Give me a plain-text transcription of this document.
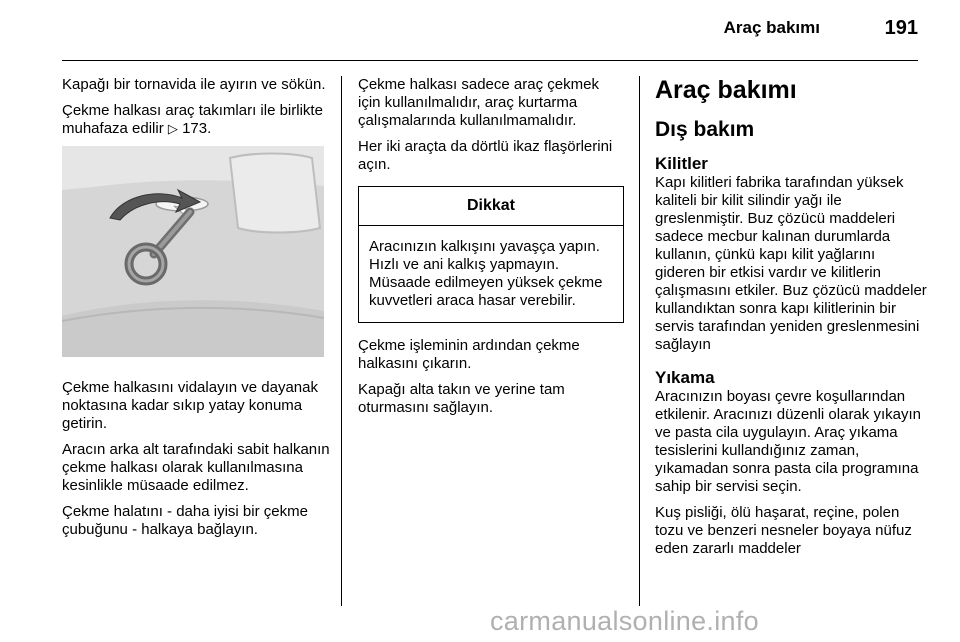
Araç bakımı	191

Kapağı bir tornavida ile ayırın ve sökün.

Çekme halkası araç takımları ile birlikte muhafaza edilir ▷ 173.

Çekme halkasını vidalayın ve dayanak noktasına kadar sıkıp yatay konuma getirin.

Aracın arka alt tarafındaki sabit halkanın çekme halkası olarak kullanılmasına kesinlikle müsaade edilmez.

Çekme halatını - daha iyisi bir çekme çubuğunu - halkaya bağlayın.

Çekme halkası sadece araç çekmek için kullanılmalıdır, araç kurtarma çalışmalarında kullanılmamalıdır.

Her iki araçta da dörtlü ikaz flaşörlerini açın.

Dikkat
Aracınızın kalkışını yavaşça yapın. Hızlı ve ani kalkış yapmayın. Müsaade edilmeyen yüksek çekme kuvvetleri araca hasar verebilir.

Çekme işleminin ardından çekme halkasını çıkarın.

Kapağı alta takın ve yerine tam oturmasını sağlayın.

Araç bakımı
Dış bakım
Kilitler

Kapı kilitleri fabrika tarafından yüksek kaliteli bir kilit silindir yağı ile greslenmiştir. Buz çözücü maddeleri sadece mecbur kalınan durumlarda kullanın, çünkü kapı kilit yağlarını gideren bir etkisi vardır ve kilitlerin çalışmasını etkiler. Buz çözücü maddeler kullandıktan sonra kapı kilitlerinin bir servis tarafından yeniden greslenmesini sağlayın

Yıkama

Aracınızın boyası çevre koşullarından etkilenir. Aracınızı düzenli olarak yıkayın ve pasta cila uygulayın. Araç yıkama tesislerini kullandığınız zaman, yıkamadan sonra pasta cila programına sahip bir servisi seçin.

Kuş pisliği, ölü haşarat, reçine, polen tozu ve benzeri nesneler boyaya nüfuz eden zararlı maddeler

carmanualsonline.info
